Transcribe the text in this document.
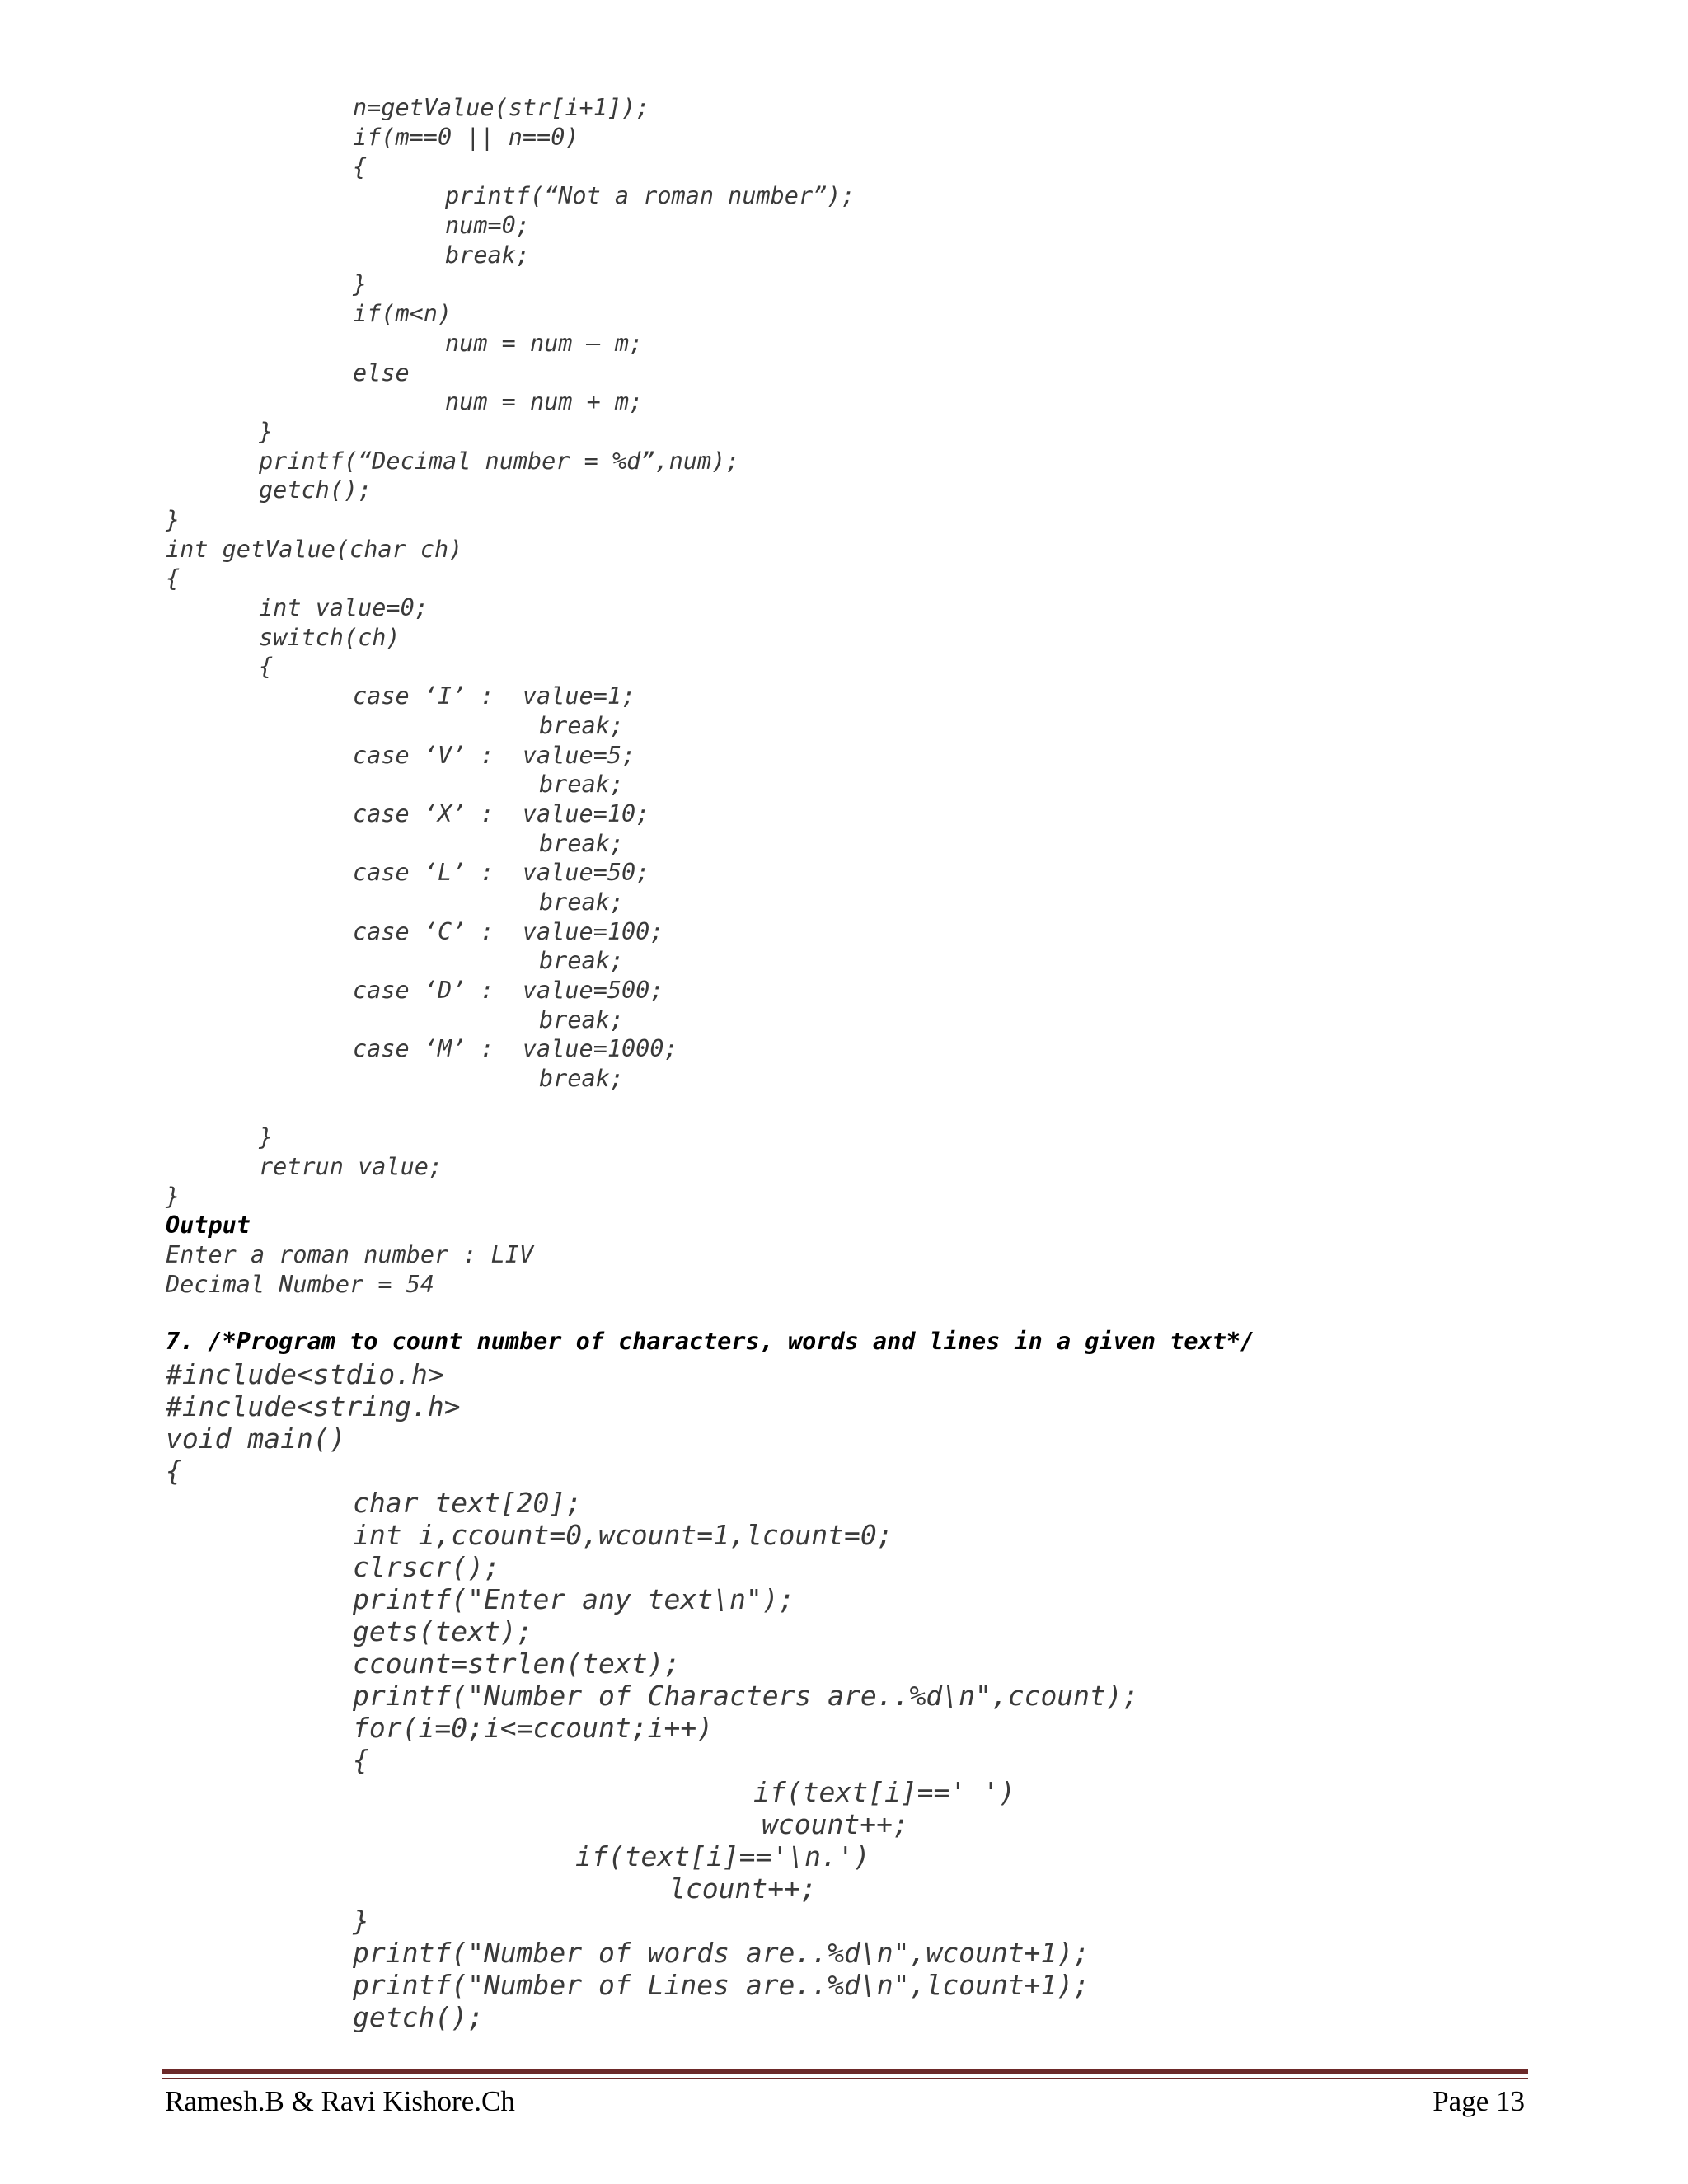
n=getValue(str[i+1]);
if(m==0 || n==0)
{
printf(“Not a roman number”);
num=0;
break;
}
if(m<n)
num = num – m;
else
num = num + m;
}
printf(“Decimal number = %d”,num);
getch();
}
int getValue(char ch)
{
int value=0;
switch(ch)
{
case ‘I’ :  value=1;
break;
case ‘V’ :  value=5;
break;
case ‘X’ :  value=10;
break;
case ‘L’ :  value=50;
break;
case ‘C’ :  value=100;
break;
case ‘D’ :  value=500;
break;
case ‘M’ :  value=1000;
break;
}
retrun value;
}
Output
Enter a roman number : LIV
Decimal Number = 54
7. /*Program to count number of characters, words and lines in a given text*/
#include<stdio.h>
#include<string.h>
void main()
{
char text[20];
int i,ccount=0,wcount=1,lcount=0;
clrscr();
printf("Enter any text\n");
gets(text);
ccount=strlen(text);
printf("Number of Characters are..%d\n",ccount);
for(i=0;i<=ccount;i++)
{
if(text[i]==' ')
wcount++;
if(text[i]=='\n.')
lcount++;
}
printf("Number of words are..%d\n",wcount+1);
printf("Number of Lines are..%d\n",lcount+1);
getch();
Ramesh.B & Ravi Kishore.Ch	Page 13
